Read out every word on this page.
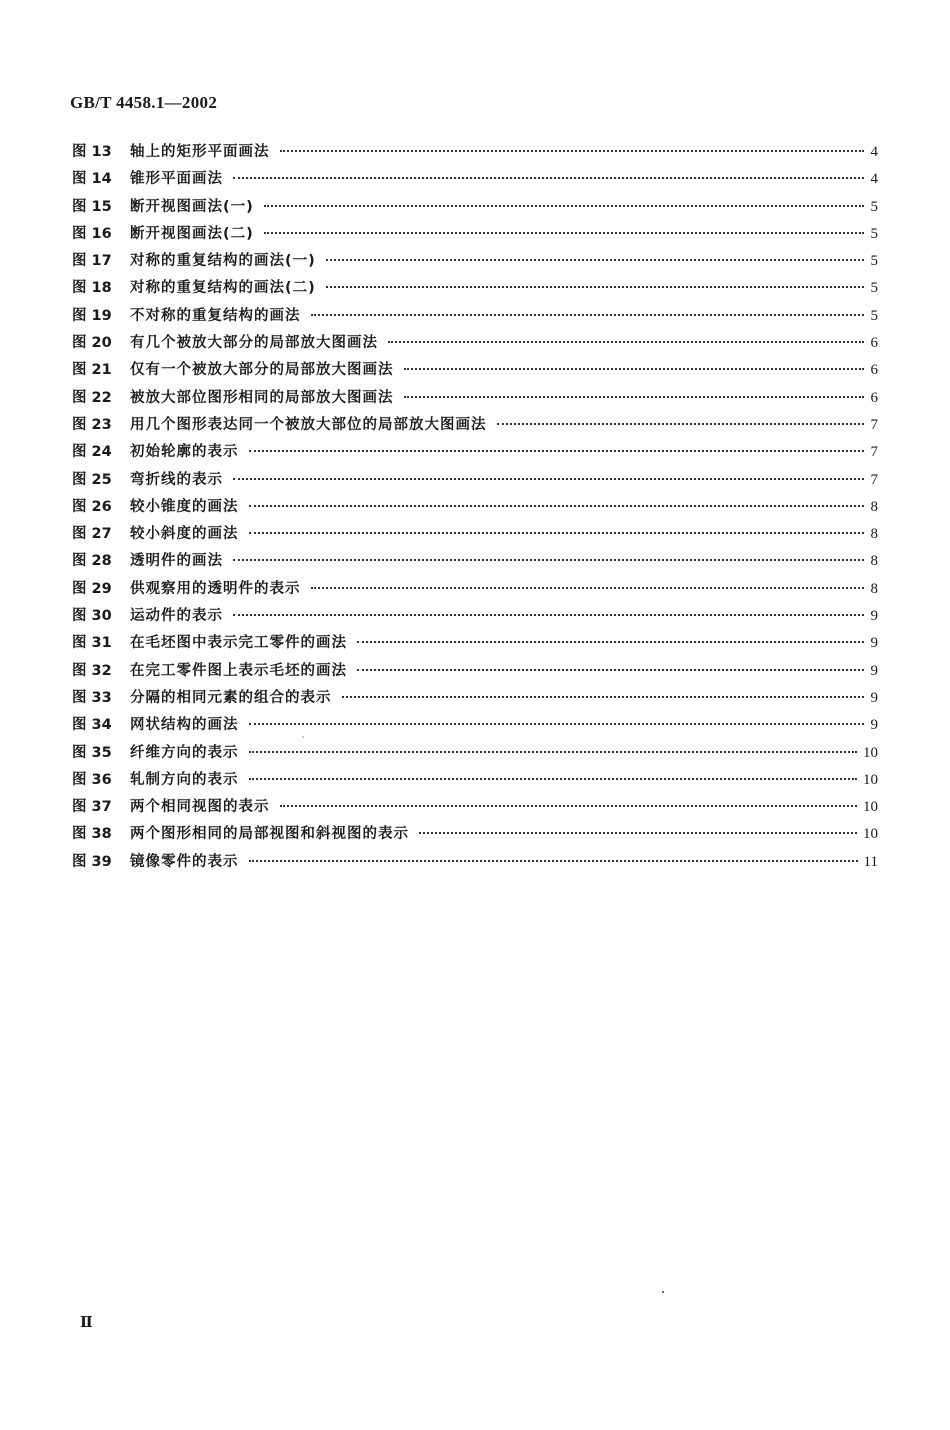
GB/T 4458.1—2002
图 13	轴上的矩形平面画法	4
图 14	锥形平面画法	4
图 15	断开视图画法(一)	5
图 16	断开视图画法(二)	5
图 17	对称的重复结构的画法(一)	5
图 18	对称的重复结构的画法(二)	5
图 19	不对称的重复结构的画法	5
图 20	有几个被放大部分的局部放大图画法	6
图 21	仅有一个被放大部分的局部放大图画法	6
图 22	被放大部位图形相同的局部放大图画法	6
图 23	用几个图形表达同一个被放大部位的局部放大图画法	7
图 24	初始轮廓的表示	7
图 25	弯折线的表示	7
图 26	较小锥度的画法	8
图 27	较小斜度的画法	8
图 28	透明件的画法	8
图 29	供观察用的透明件的表示	8
图 30	运动件的表示	9
图 31	在毛坯图中表示完工零件的画法	9
图 32	在完工零件图上表示毛坯的画法	9
图 33	分隔的相同元素的组合的表示	9
图 34	网状结构的画法	9
图 35	纤维方向的表示	10
图 36	轧制方向的表示	10
图 37	两个相同视图的表示	10
图 38	两个图形相同的局部视图和斜视图的表示	10
图 39	镜像零件的表示	11
Ⅱ
